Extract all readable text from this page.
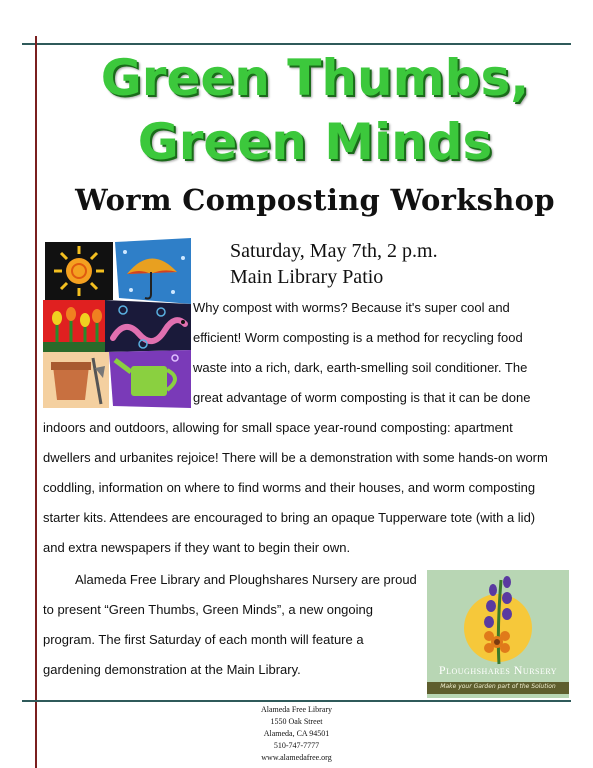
Green Thumbs,
Green Minds
Worm Composting Workshop
Saturday, May 7th, 2 p.m.
Main Library Patio
Why compost with worms? Because it's super cool and
efficient! Worm composting is a method for recycling food
waste into a rich, dark, earth-smelling soil conditioner. The
great advantage of worm composting is that it can be done
indoors and outdoors, allowing for small space year-round composting: apartment
dwellers and urbanites rejoice! There will be a demonstration with some hands-on worm
coddling, information on where to find worms and their houses, and worm composting
starter kits. Attendees are encouraged to bring an opaque Tupperware tote (with a lid)
and extra newspapers if they want to begin their own.
Alameda Free Library and Ploughshares Nursery are proud
to present “Green Thumbs, Green Minds”, a new ongoing
program. The first Saturday of each month will feature a
gardening demonstration at the Main Library.	Ploughshares Nursery
Make your Garden part of the Solution
Alameda Free Library
1550 Oak Street
Alameda, CA 94501
510-747-7777
www.alamedafree.org
